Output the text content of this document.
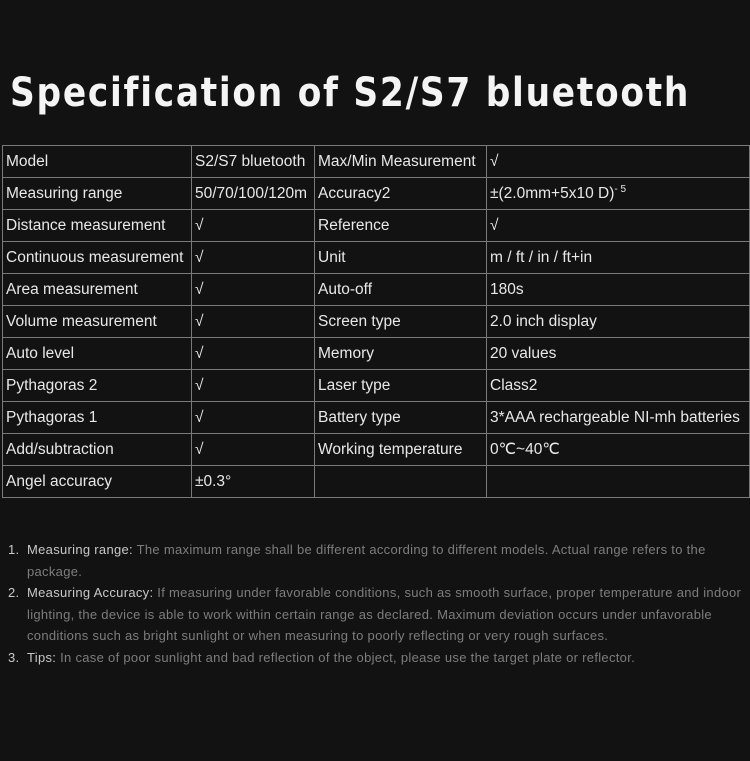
Specification of S2/S7 bluetooth
Model	S2/S7 bluetooth	Max/Min Measurement	√
Measuring range	50/70/100/120m	Accuracy2	±(2.0mm+5x10 D)$^{- 5}$
Distance measurement	√	Reference	√
Continuous measurement	√	Unit	m / ft / in / ft+in
Area measurement	√	Auto-off	180s
Volume measurement	√	Screen type	2.0 inch display
Auto level	√	Memory	20 values
Pythagoras 2	√	Laser type	Class2
Pythagoras 1	√	Battery type	3*AAA rechargeable NI-mh batteries
Add/subtraction	√	Working temperature	0℃~40℃
Angel accuracy	±0.3°		
1. Measuring range: The maximum range shall be different according to different models. Actual range refers to the package.
2. Measuring Accuracy: If measuring under favorable conditions, such as smooth surface, proper temperature and indoor lighting, the device is able to work within certain range as declared. Maximum deviation occurs under unfavorable conditions such as bright sunlight or when measuring to poorly reflecting or very rough surfaces.
3. Tips: In case of poor sunlight and bad reflection of the object, please use the target plate or reflector.
